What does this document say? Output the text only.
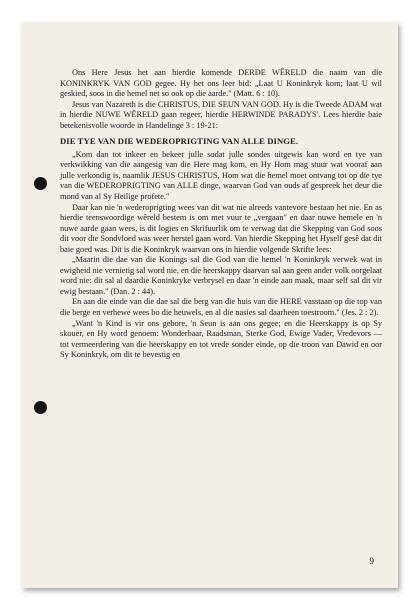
Ons Here Jesus het aan hierdie komende DERDE WÊRELD die naam van die KONINKRYK VAN GOD gegee. Hy het ons leer bid: „Laat U Koninkryk kom; laat U wil geskied, soos in die hemel net so ook op die aarde." (Matt. 6 : 10).

Jesus van Nazareth is die CHRISTUS, DIE SEUN VAN GOD. Hy is die Tweede ADAM wat in hierdie NUWE WÊRELD gaan regeer, hierdie HERWINDE PARADYS'. Lees hierdie baie betekenisvolle woorde in Handelinge 3 : 19-21:

DIE TYE VAN DIE WEDEROPRIGTING VAN ALLE DINGE.

„Kom dan tot inkeer en bekeer julle sodat julle sondes uitgewis kan word en tye van verkwikking van die aangesig van die Here mag kom, en Hy Hom mag stuur wat vooraf aan julle verkondig is, naamlik JESUS CHRISTUS, Hom wat die hemel moet ontvang tot op die tye van die WEDEROPRIGTING van ALLE dinge, waarvan God van ouds af gespreek het deur die mond van al Sy Heilige profete."

Daar kan nie 'n wederoprigting wees van dit wat nie alreeds vantevore bestaan het nie. En as hierdie teenswoordige wêreld bestem is om met vuur te „vergaan" en daar nuwe hemele en 'n nuwe aarde gaan wees, is dit logies en Skrifuurlik om te verwag dat die Skepping van God soos dit voor die Sondvloed was weer herstel gaan word. Van hierdie Skepping het Hyself gesê dat dit baie goed was. Dit is die Koninkryk waarvan ons in hierdie volgende Skrifte lees:

„Maarin die dae van die Konings sal die God van die hemel 'n Koninkryk verwek wat in ewigheid nie vernietig sal word nie, en die heerskappy daarvan sal aan geen ander volk oorgelaat word nie: dit sal al daardie Koninkryke verbrysel en daar 'n einde aan maak, maar self sal dit vir ewig bestaan." (Dan. 2 : 44).

En aan die einde van die dae sal die berg van die huis van die HERE vasstaan op die top van die berge en verhewe wees bo die heuwels, en al die nasies sal daarheen toestroom." (Jes. 2 : 2).

„Want 'n Kind is vir ons gebore, 'n Seun is aan ons gegee; en die Heerskappy is op Sy skouer, en Hy word genoem: Wonderbaar, Raadsman, Sterke God, Ewige Vader, Vredevors — tot vermeerdering van die heerskappy en tot vrede sonder einde, op die troon van Dawid en oor Sy Koninkryk, om dit te bevestig en

9
